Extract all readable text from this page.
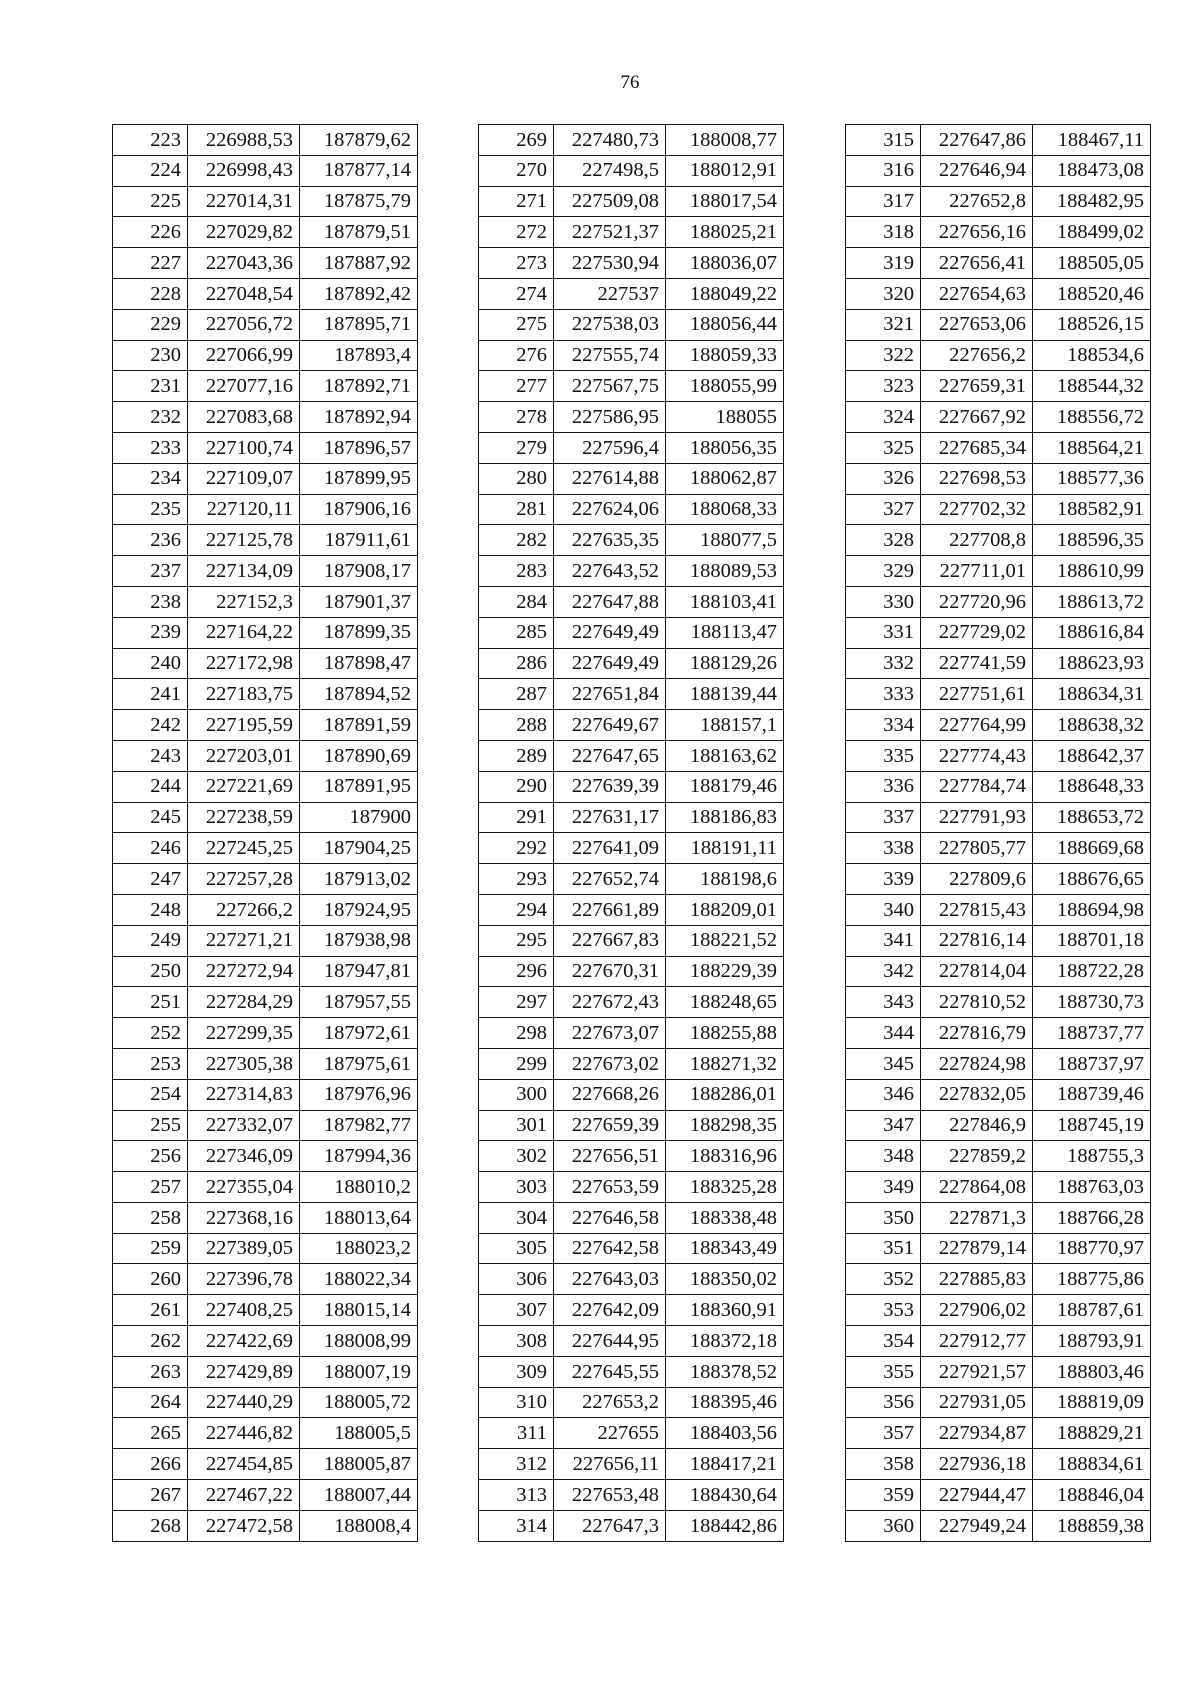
76
223	226988,53	187879,62
224	226998,43	187877,14
225	227014,31	187875,79
226	227029,82	187879,51
227	227043,36	187887,92
228	227048,54	187892,42
229	227056,72	187895,71
230	227066,99	187893,4
231	227077,16	187892,71
232	227083,68	187892,94
233	227100,74	187896,57
234	227109,07	187899,95
235	227120,11	187906,16
236	227125,78	187911,61
237	227134,09	187908,17
238	227152,3	187901,37
239	227164,22	187899,35
240	227172,98	187898,47
241	227183,75	187894,52
242	227195,59	187891,59
243	227203,01	187890,69
244	227221,69	187891,95
245	227238,59	187900
246	227245,25	187904,25
247	227257,28	187913,02
248	227266,2	187924,95
249	227271,21	187938,98
250	227272,94	187947,81
251	227284,29	187957,55
252	227299,35	187972,61
253	227305,38	187975,61
254	227314,83	187976,96
255	227332,07	187982,77
256	227346,09	187994,36
257	227355,04	188010,2
258	227368,16	188013,64
259	227389,05	188023,2
260	227396,78	188022,34
261	227408,25	188015,14
262	227422,69	188008,99
263	227429,89	188007,19
264	227440,29	188005,72
265	227446,82	188005,5
266	227454,85	188005,87
267	227467,22	188007,44
268	227472,58	188008,4
269	227480,73	188008,77
270	227498,5	188012,91
271	227509,08	188017,54
272	227521,37	188025,21
273	227530,94	188036,07
274	227537	188049,22
275	227538,03	188056,44
276	227555,74	188059,33
277	227567,75	188055,99
278	227586,95	188055
279	227596,4	188056,35
280	227614,88	188062,87
281	227624,06	188068,33
282	227635,35	188077,5
283	227643,52	188089,53
284	227647,88	188103,41
285	227649,49	188113,47
286	227649,49	188129,26
287	227651,84	188139,44
288	227649,67	188157,1
289	227647,65	188163,62
290	227639,39	188179,46
291	227631,17	188186,83
292	227641,09	188191,11
293	227652,74	188198,6
294	227661,89	188209,01
295	227667,83	188221,52
296	227670,31	188229,39
297	227672,43	188248,65
298	227673,07	188255,88
299	227673,02	188271,32
300	227668,26	188286,01
301	227659,39	188298,35
302	227656,51	188316,96
303	227653,59	188325,28
304	227646,58	188338,48
305	227642,58	188343,49
306	227643,03	188350,02
307	227642,09	188360,91
308	227644,95	188372,18
309	227645,55	188378,52
310	227653,2	188395,46
311	227655	188403,56
312	227656,11	188417,21
313	227653,48	188430,64
314	227647,3	188442,86
315	227647,86	188467,11
316	227646,94	188473,08
317	227652,8	188482,95
318	227656,16	188499,02
319	227656,41	188505,05
320	227654,63	188520,46
321	227653,06	188526,15
322	227656,2	188534,6
323	227659,31	188544,32
324	227667,92	188556,72
325	227685,34	188564,21
326	227698,53	188577,36
327	227702,32	188582,91
328	227708,8	188596,35
329	227711,01	188610,99
330	227720,96	188613,72
331	227729,02	188616,84
332	227741,59	188623,93
333	227751,61	188634,31
334	227764,99	188638,32
335	227774,43	188642,37
336	227784,74	188648,33
337	227791,93	188653,72
338	227805,77	188669,68
339	227809,6	188676,65
340	227815,43	188694,98
341	227816,14	188701,18
342	227814,04	188722,28
343	227810,52	188730,73
344	227816,79	188737,77
345	227824,98	188737,97
346	227832,05	188739,46
347	227846,9	188745,19
348	227859,2	188755,3
349	227864,08	188763,03
350	227871,3	188766,28
351	227879,14	188770,97
352	227885,83	188775,86
353	227906,02	188787,61
354	227912,77	188793,91
355	227921,57	188803,46
356	227931,05	188819,09
357	227934,87	188829,21
358	227936,18	188834,61
359	227944,47	188846,04
360	227949,24	188859,38
